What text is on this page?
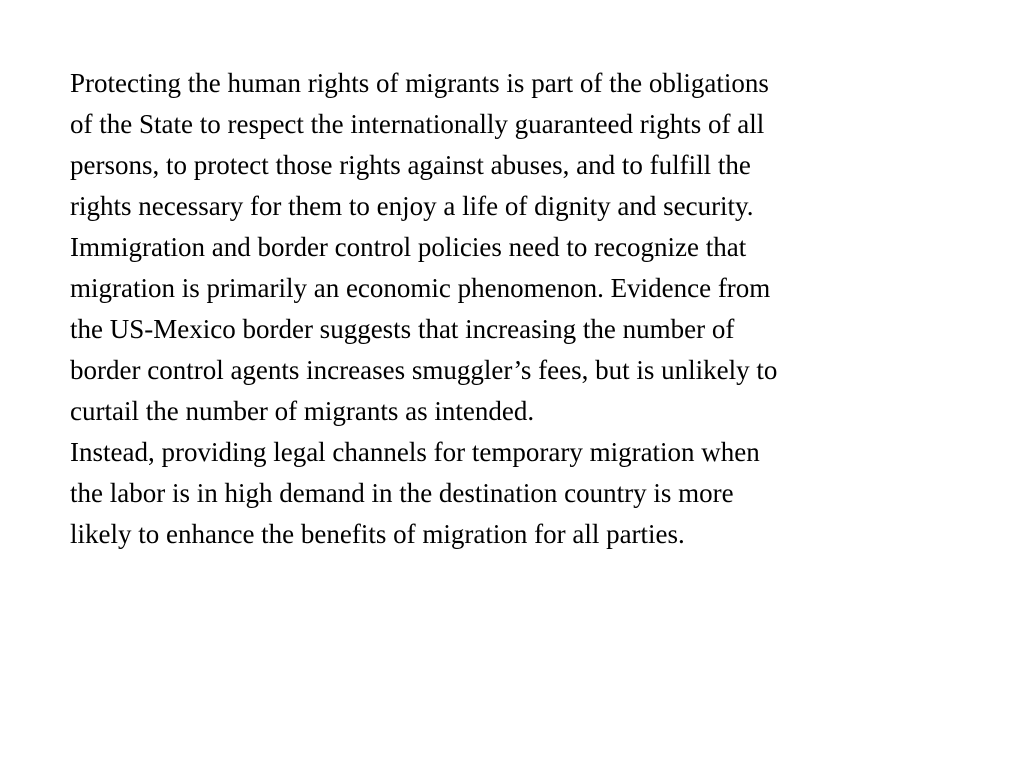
Protecting the human rights of migrants is part of the obligations
of the State to respect the internationally guaranteed rights of all
persons, to protect those rights against abuses, and to fulfill the
rights necessary for them to enjoy a life of dignity and security.
Immigration and border control policies need to recognize that
migration is primarily an economic phenomenon. Evidence from
the US-Mexico border suggests that increasing the number of
border control agents increases smuggler’s fees, but is unlikely to
curtail the number of migrants as intended.
Instead, providing legal channels for temporary migration when
the labor is in high demand in the destination country is more
likely to enhance the benefits of migration for all parties.
